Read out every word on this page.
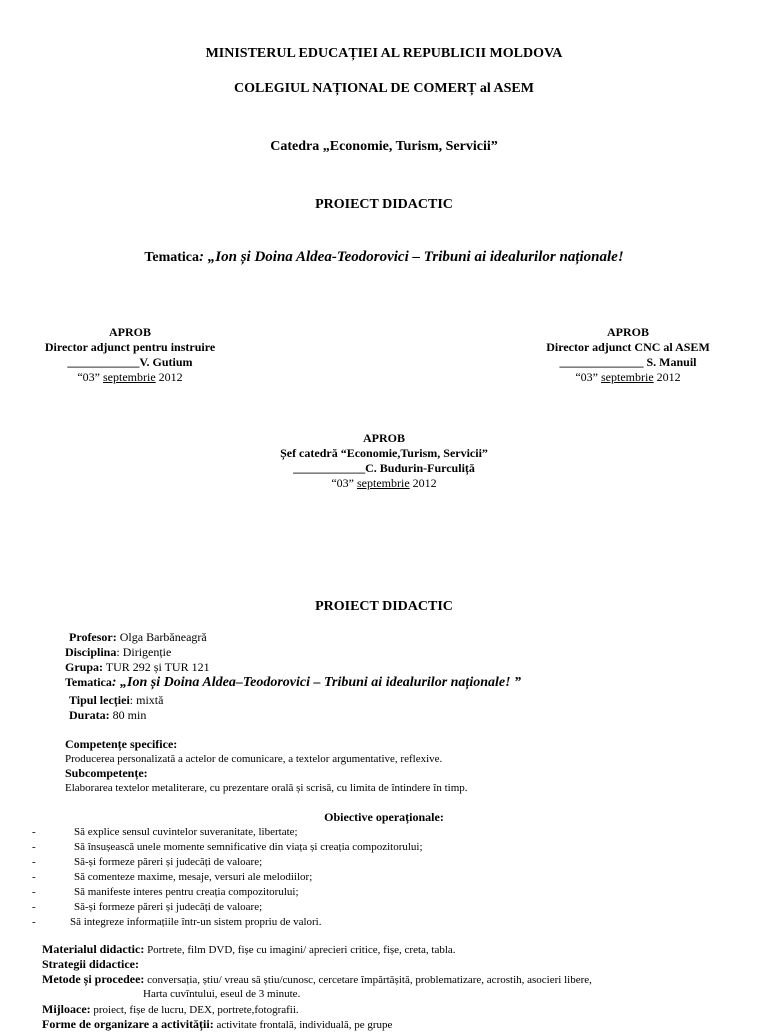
MINISTERUL EDUCAȚIEI AL REPUBLICII MOLDOVA
COLEGIUL NAȚIONAL DE COMERȚ al ASEM
Catedra „Economie, Turism, Servicii”
PROIECT DIDACTIC
Tematica: „Ion și Doina Aldea-Teodorovici – Tribuni ai idealurilor naționale!
APROB
Director adjunct pentru instruire
____________V. Gutium
“03” septembrie 2012
APROB
Director adjunct CNC al ASEM
______________ S. Manuil
“03” septembrie 2012
APROB
Șef catedră “Economie,Turism, Servicii”
____________C. Budurin-Furculiță
“03” septembrie 2012
PROIECT DIDACTIC
Profesor: Olga Barbăneagră
Disciplina: Dirigenție
Grupa: TUR 292 și TUR 121
Tematica: „Ion și Doina Aldea–Teodorovici – Tribuni ai idealurilor naționale! ”
Tipul lecției: mixtă
Durata: 80 min
Competențe specifice:
Producerea personalizată a actelor de comunicare, a textelor argumentative, reflexive.
Subcompetențe:
Elaborarea textelor metaliterare, cu prezentare orală și scrisă, cu limita de întindere în timp.
Obiective operaționale:
-	Să explice sensul cuvintelor suveranitate, libertate;
-	Să însușească unele momente semnificative din viața și creația compozitorului;
-	Să-și formeze păreri și judecăți de valoare;
-	Să comenteze maxime, mesaje, versuri ale melodiilor;
-	Să manifeste interes pentru creația compozitorului;
-	Să-și formeze păreri și judecăți de valoare;
-	Să integreze informațiile într-un sistem propriu de valori.
Materialul didactic: Portrete, film DVD, fișe cu imagini/ aprecieri critice, fișe, creta, tabla.
Strategii didactice:
Metode și procedee: conversația, știu/ vreau să știu/cunosc, cercetare împărtășită, problematizare, acrostih, asocieri libere,
Harta cuvîntului, eseul de 3 minute.
Mijloace: proiect, fișe de lucru, DEX, portrete,fotografii.
Forme de organizare a activității: activitate frontală, individuală, pe grupe
